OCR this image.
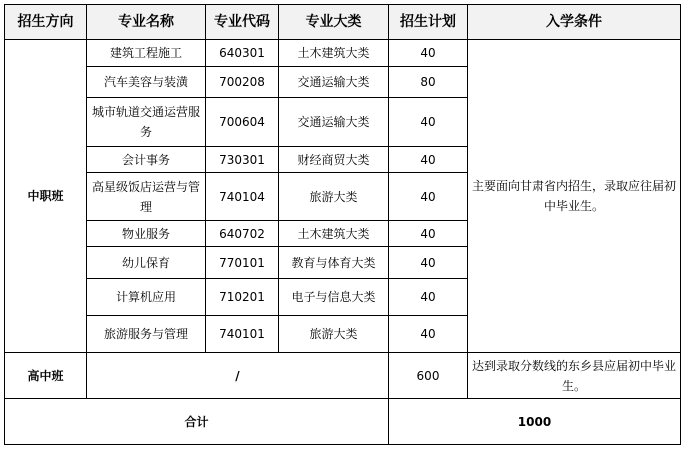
招生方向	专业名称	专业代码	专业大类	招生计划	入学条件
中职班	建筑工程施工	640301	土木建筑大类	40	主要面向甘肃省内招生，录取应往届初中毕业生。
	汽车美容与装潢	700208	交通运输大类	80	
	城市轨道交通运营服务	700604	交通运输大类	40	
	会计事务	730301	财经商贸大类	40	
	高星级饭店运营与管理	740104	旅游大类	40	
	物业服务	640702	土木建筑大类	40	
	幼儿保育	770101	教育与体育大类	40	
	计算机应用	710201	电子与信息大类	40	
	旅游服务与管理	740101	旅游大类	40	
高中班	/			600	达到录取分数线的东乡县应届初中毕业生。
合计				1000	
